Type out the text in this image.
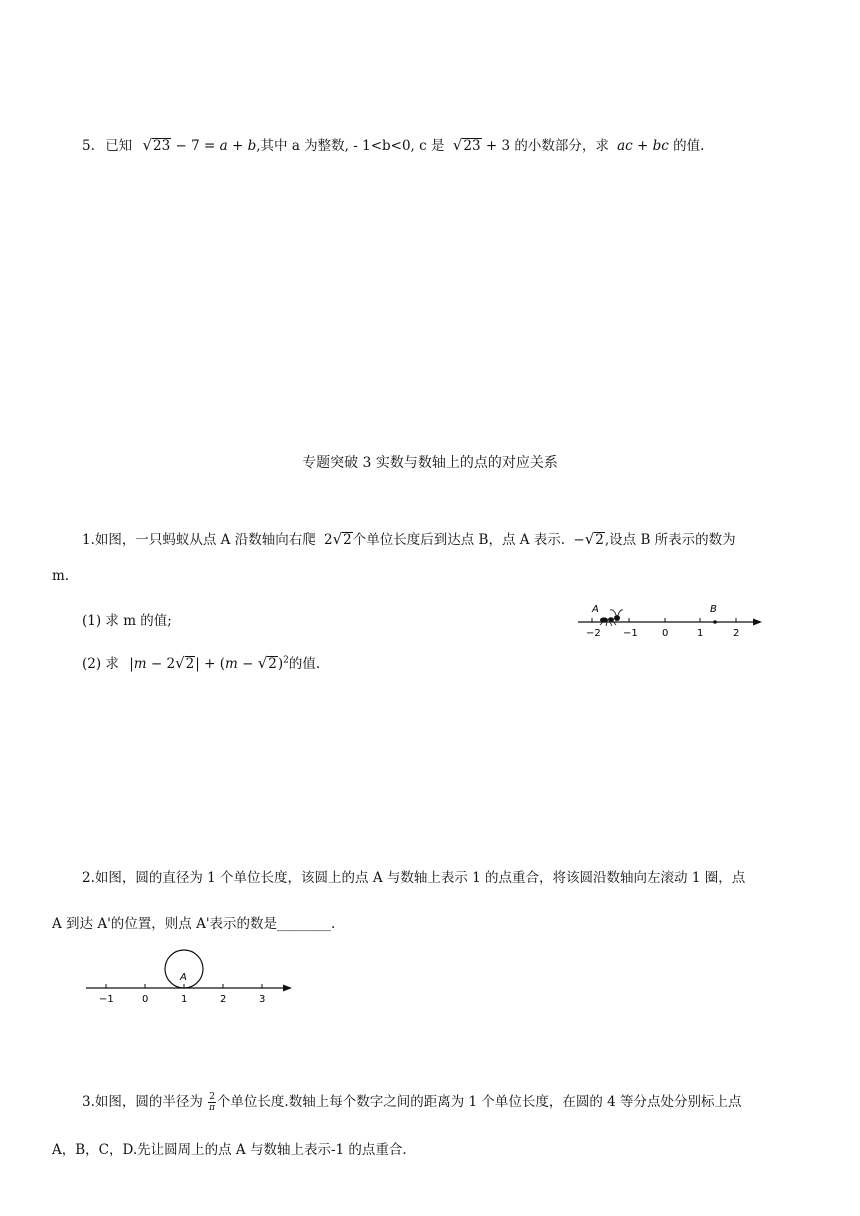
5. 已知 √23 − 7 = a + b,其中 a 为整数, - 1<b<0, c 是 √23 + 3 的小数部分，求 ac + bc 的值.
专题突破 3 实数与数轴上的点的对应关系
1.如图，一只蚂蚁从点 A 沿数轴向右爬 2√2个单位长度后到达点 B，点 A 表示. −√2,设点 B 所表示的数为
m.
(1) 求 m 的值;
(2) 求 $|m - 2√2| + (m - √2)^2$的值.
−2 −1 0	1	2
A	B
2.如图，圆的直径为 1 个单位长度，该圆上的点 A 与数轴上表示 1 的点重合，将该圆沿数轴向左滚动 1 圈，点
A 到达 A'的位置，则点 A'表示的数是________.
A
−1	0	1	2	3
3.如图，圆的半径为 $\frac{2}{\pi}$ 个单位长度.数轴上每个数字之间的距离为 1 个单位长度，在圆的 4 等分点处分别标上点
A，B，C，D.先让圆周上的点 A 与数轴上表示-1 的点重合.
